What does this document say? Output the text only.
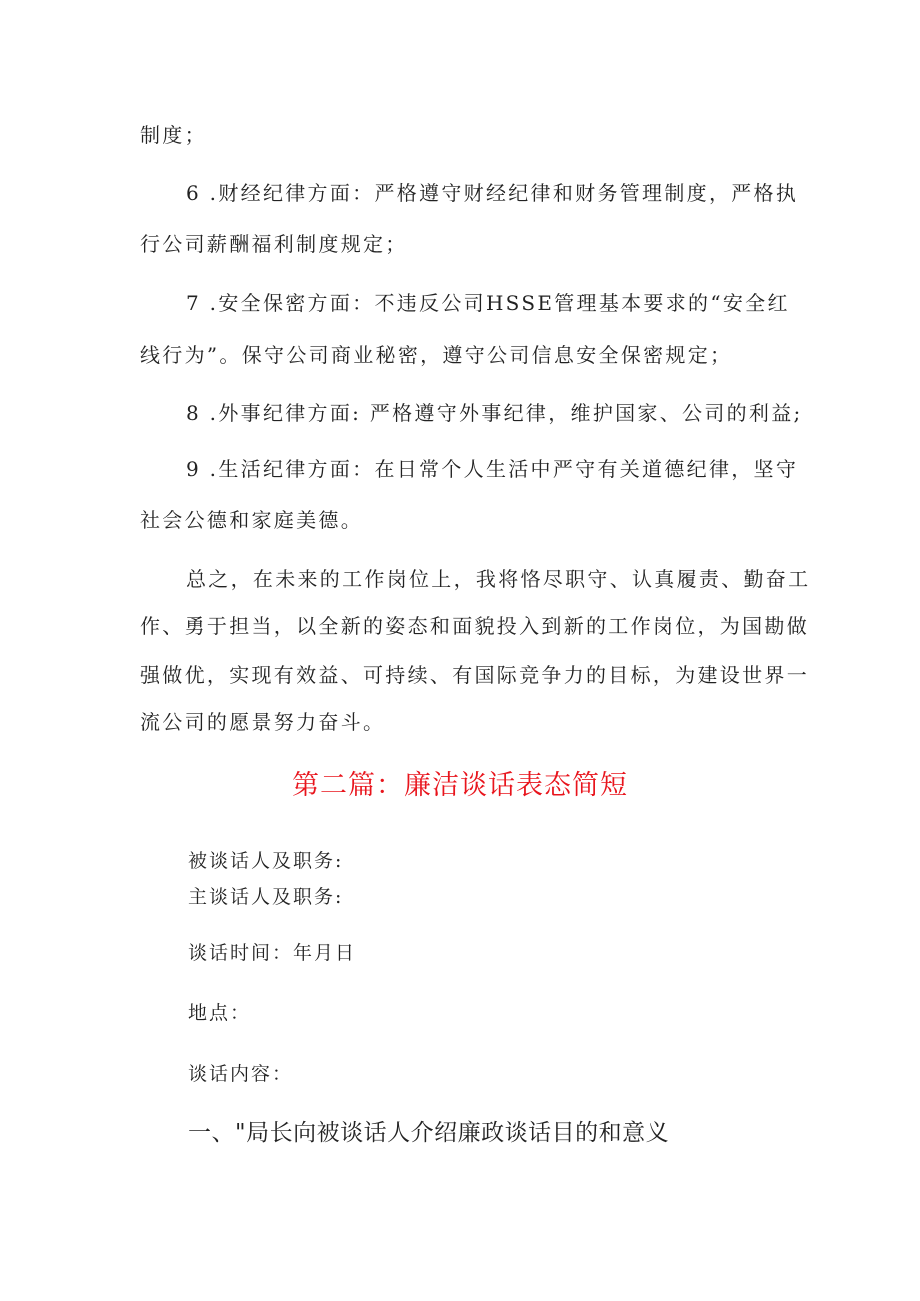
制度；
6 .财经纪律方面：严格遵守财经纪律和财务管理制度，严格执
行公司薪酬福利制度规定；
7 .安全保密方面：不违反公司HSSE管理基本要求的“安全红
线行为”。保守公司商业秘密，遵守公司信息安全保密规定；
8 .外事纪律方面: 严格遵守外事纪律，维护国家、公司的利益;
9 .生活纪律方面：在日常个人生活中严守有关道德纪律，坚守
社会公德和家庭美德。
总之，在未来的工作岗位上，我将恪尽职守、认真履责、勤奋工
作、勇于担当，以全新的姿态和面貌投入到新的工作岗位，为国勘做
强做优，实现有效益、可持续、有国际竞争力的目标，为建设世界一
流公司的愿景努力奋斗。
第二篇：廉洁谈话表态简短
被谈话人及职务:
主谈话人及职务:
谈话时间：年月日
地点：
谈话内容：
一、"局长向被谈话人介绍廉政谈话目的和意义
